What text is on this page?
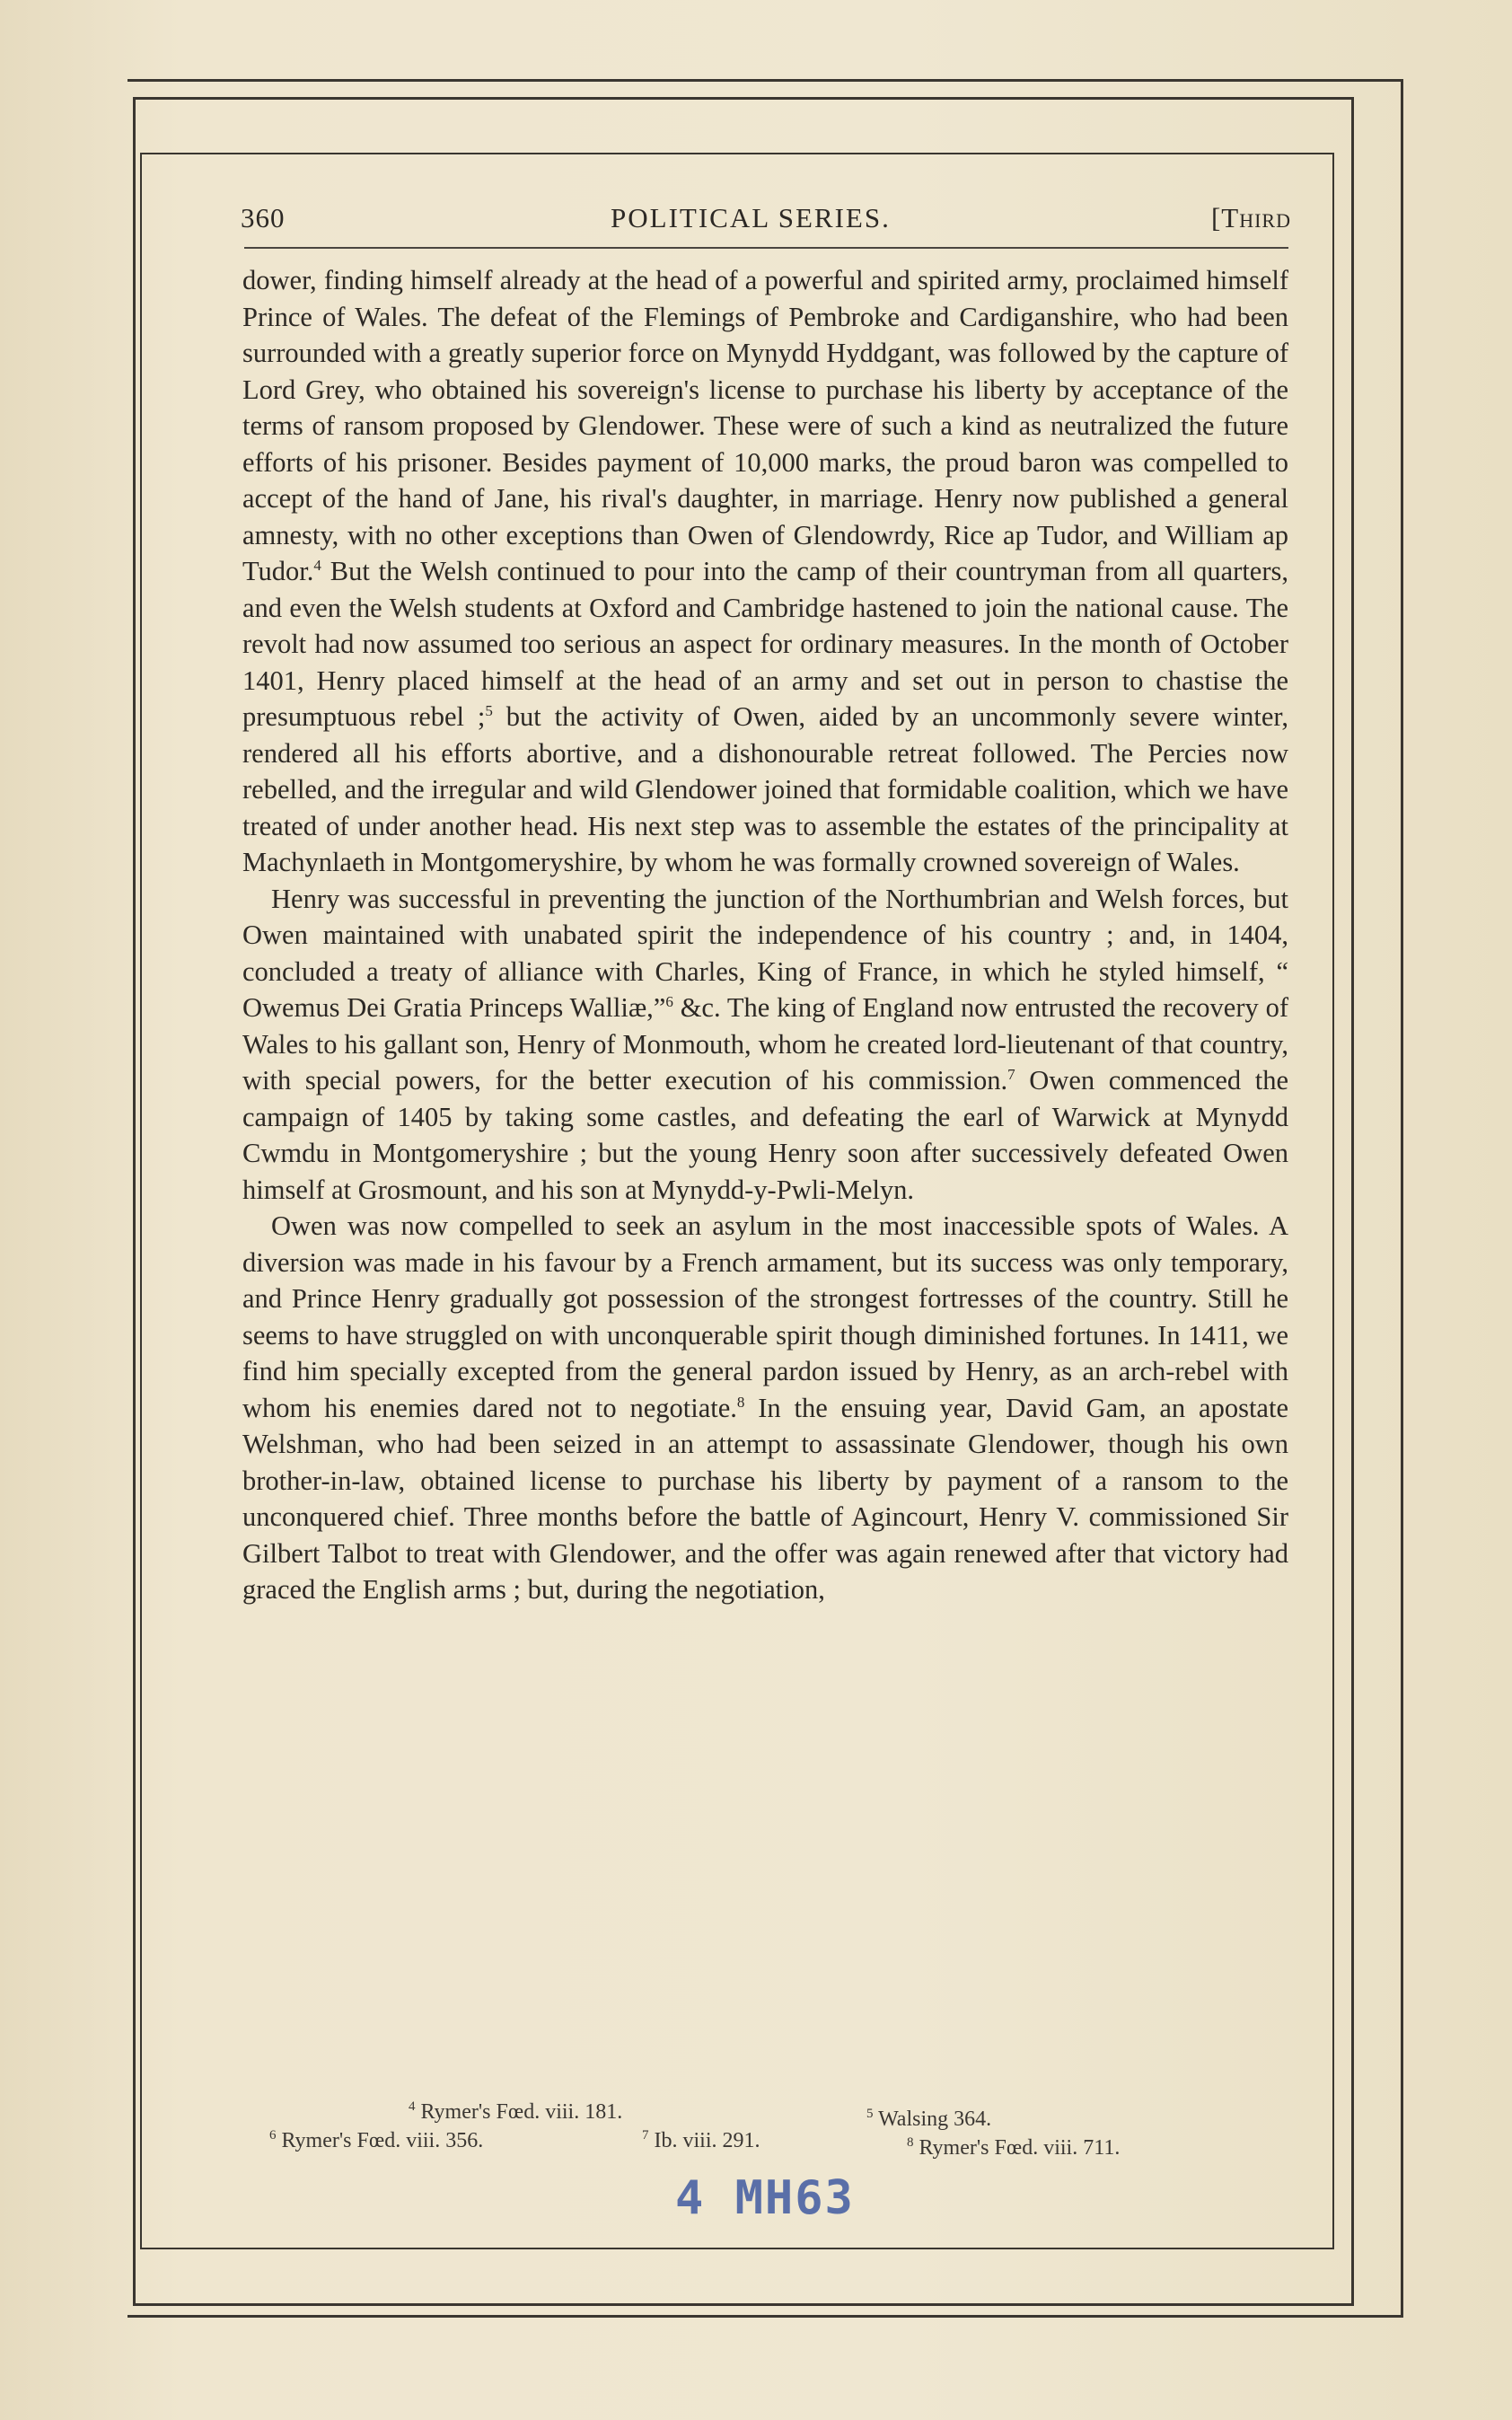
360	POLITICAL SERIES.	[Third

dower, finding himself already at the head of a powerful and spirited army, proclaimed himself Prince of Wales. The defeat of the Flemings of Pembroke and Cardiganshire, who had been surrounded with a greatly superior force on Mynydd Hyddgant, was followed by the capture of Lord Grey, who obtained his sovereign's license to purchase his liberty by acceptance of the terms of ransom proposed by Glendower. These were of such a kind as neutralized the future efforts of his prisoner. Besides payment of 10,000 marks, the proud baron was compelled to accept of the hand of Jane, his rival's daughter, in marriage. Henry now published a general amnesty, with no other exceptions than Owen of Glendowrdy, Rice ap Tudor, and William ap Tudor.$^4$ But the Welsh continued to pour into the camp of their countryman from all quarters, and even the Welsh students at Oxford and Cambridge hastened to join the national cause. The revolt had now assumed too serious an aspect for ordinary measures. In the month of October 1401, Henry placed himself at the head of an army and set out in person to chastise the presumptuous rebel ;$^5$ but the activity of Owen, aided by an uncommonly severe winter, rendered all his efforts abortive, and a dishonourable retreat followed. The Percies now rebelled, and the irregular and wild Glendower joined that formidable coalition, which we have treated of under another head. His next step was to assemble the estates of the principality at Machynlaeth in Montgomeryshire, by whom he was formally crowned sovereign of Wales.

Henry was successful in preventing the junction of the Northumbrian and Welsh forces, but Owen maintained with unabated spirit the independence of his country ; and, in 1404, concluded a treaty of alliance with Charles, King of France, in which he styled himself, “ Owemus Dei Gratia Princeps Walliæ,”$^6$ &c. The king of England now entrusted the recovery of Wales to his gallant son, Henry of Monmouth, whom he created lord-lieutenant of that country, with special powers, for the better execution of his commission.$^7$ Owen commenced the campaign of 1405 by taking some castles, and defeating the earl of Warwick at Mynydd Cwmdu in Montgomeryshire ; but the young Henry soon after successively defeated Owen himself at Grosmount, and his son at Mynydd-y-Pwli-Melyn.

Owen was now compelled to seek an asylum in the most inaccessible spots of Wales. A diversion was made in his favour by a French armament, but its success was only temporary, and Prince Henry gradually got possession of the strongest fortresses of the country. Still he seems to have struggled on with unconquerable spirit though diminished fortunes. In 1411, we find him specially excepted from the general pardon issued by Henry, as an arch-rebel with whom his enemies dared not to negotiate.$^8$ In the ensuing year, David Gam, an apostate Welshman, who had been seized in an attempt to assassinate Glendower, though his own brother-in-law, obtained license to purchase his liberty by payment of a ransom to the unconquered chief. Three months before the battle of Agincourt, Henry V. commissioned Sir Gilbert Talbot to treat with Glendower, and the offer was again renewed after that victory had graced the English arms ; but, during the negotiation,

$^4$ Rymer's Fœd. viii. 181.	$^5$ Walsing 364.
$^6$ Rymer's Fœd. viii. 356.	$^7$ Ib. viii. 291.	$^8$ Rymer's Fœd. viii. 711.
4 MH63
